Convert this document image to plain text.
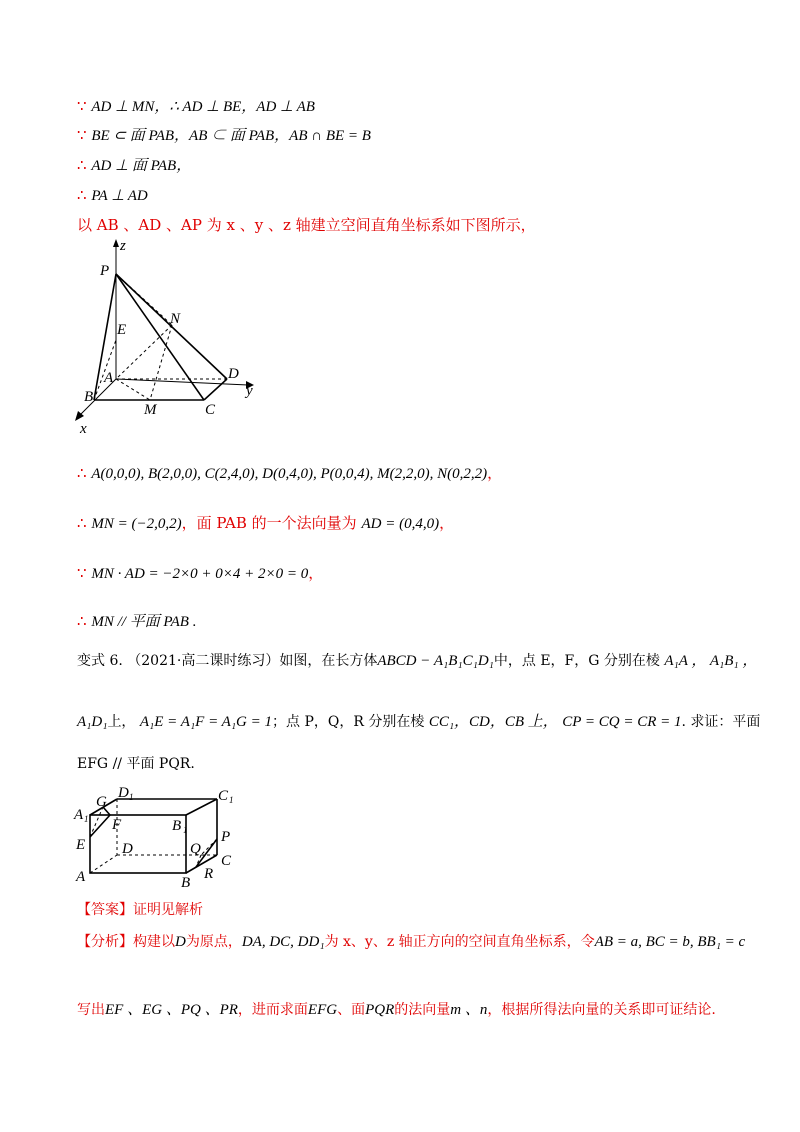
∵ AD ⊥ MN，∴ AD ⊥ BE，AD ⊥ AB
∵ BE ⊂ 面 PAB，AB ⊂ 面 PAB，AB ∩ BE = B
∴ AD ⊥ 面 PAB，
∴ PA ⊥ AD
以 AB 、AD 、AP 为 x 、y 、z 轴建立空间直角坐标系如下图所示，
z
P
E
N
A	D
y
B
M	C
x
∴ A(0,0,0), B(2,0,0), C(2,4,0), D(0,4,0), P(0,0,4), M(2,2,0), N(0,2,2)，
∴ MN = (−2,0,2)，面 PAB 的一个法向量为 AD = (0,4,0)，
∵ MN · AD = −2×0 + 0×4 + 2×0 = 0，
∴ MN // 平面 PAB .
变式 6. （2021·高二课时练习）如图，在长方体ABCD − A₁B₁C₁D₁中，点 E，F，G 分别在棱 A₁A ， A₁B₁ ，
A₁D₁上， A₁E = A₁F = A₁G = 1；点 P，Q，R 分别在棱 CC₁，CD，CB 上， CP = CQ = CR = 1. 求证：平面
EFG // 平面 PQR.
G
D 1	C 1
A 1 F	B 1
E D	Q
P
C
A	B
R
【答案】证明见解析
【分析】构建以D为原点，DA, DC, DD₁为 x、y、z 轴正方向的空间直角坐标系，令AB = a, BC = b, BB₁ = c
写出EF 、EG 、PQ 、PR，进而求面EFG、面PQR的法向量m 、n，根据所得法向量的关系即可证结论.
